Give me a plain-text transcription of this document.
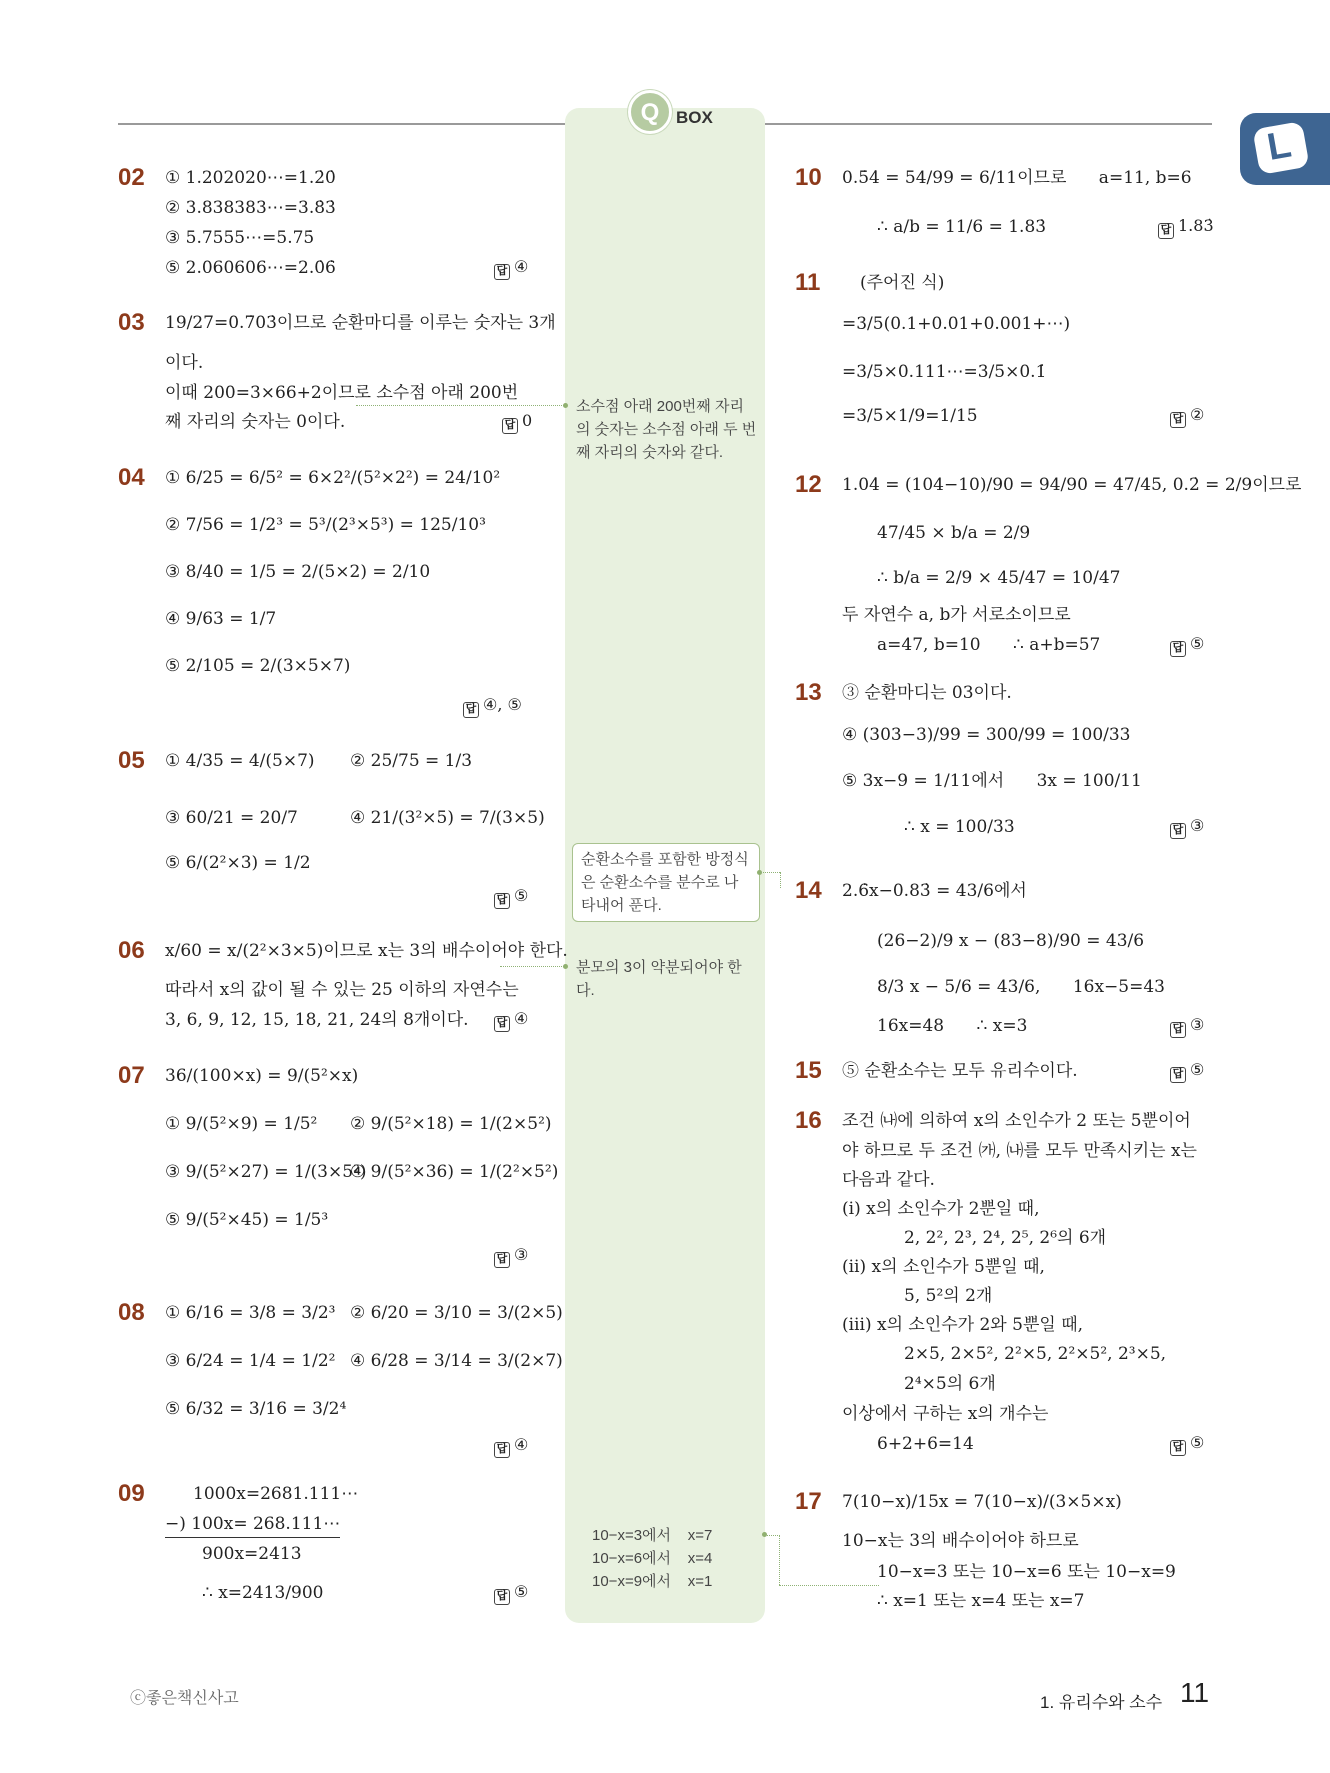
L
Q BOX
소수점 아래 200번째 자리의 숫자는 소수점 아래 두 번째 자리의 숫자와 같다.
순환소수를 포함한 방정식은 순환소수를 분수로 나타내어 푼다.
분모의 3이 약분되어야 한다.
10−x=3에서    x=7
10−x=6에서    x=4
10−x=9에서    x=1
02 ① 1.202020⋯=1.2̇0̇
② 3.838383⋯=3.8̇3̇
③ 5.7555⋯=5.75̇
⑤ 2.060606⋯=2.0̇6̇	답 ④
03 19/27=0.7̇03̇이므로 순환마디를 이루는 숫자는 3개
이다.
이때 200=3×66+2이므로 소수점 아래 200번
째 자리의 숫자는 0이다.	답 0
04 ① 6/25 = 6/5² = 6×2²/(5²×2²) = 24/10²
② 7/56 = 1/2³ = 5³/(2³×5³) = 125/10³
③ 8/40 = 1/5 = 2/(5×2) = 2/10
④ 9/63 = 1/7
⑤ 2/105 = 2/(3×5×7)
답 ④, ⑤
05 ① 4/35 = 4/(5×7) ② 25/75 = 1/3
③ 60/21 = 20/7	④ 21/(3²×5) = 7/(3×5)
⑤ 6/(2²×3) = 1/2
답 ⑤
06 x/60 = x/(2²×3×5)이므로 x는 3의 배수이어야 한다.
따라서 x의 값이 될 수 있는 25 이하의 자연수는
3, 6, 9, 12, 15, 18, 21, 24의 8개이다.	답 ④
07 36/(100×x) = 9/(5²×x)
① 9/(5²×9) = 1/5² ② 9/(5²×18) = 1/(2×5²)
③ 9/(5²×27) = 1/(3×5²)
④ 9/(5²×36) = 1/(2²×5²)
⑤ 9/(5²×45) = 1/5³
답 ③
08 ① 6/16 = 3/8 = 3/2³ ② 6/20 = 3/10 = 3/(2×5)
③ 6/24 = 1/4 = 1/2² ④ 6/28 = 3/14 = 3/(2×7)
⑤ 6/32 = 3/16 = 3/2⁴
답 ④
09	1000x=2681.111⋯
−) 100x= 268.111⋯
900x=2413
∴ x=2413/900	답 ⑤
10 0.5̇4̇ = 54/99 = 6/11이므로      a=11, b=6
∴ a/b = 11/6 = 1.83̇	답 1.83̇
11 (주어진 식)
=3/5(0.1+0.01+0.001+⋯)
=3/5×0.111⋯=3/5×0.1̇
=3/5×1/9=1/15	답 ②
12 1.04̇ = (104−10)/90 = 94/90 = 47/45, 0.2̇ = 2/9이므로
47/45 × b/a = 2/9
∴ b/a = 2/9 × 45/47 = 10/47
두 자연수 a, b가 서로소이므로
a=47, b=10      ∴ a+b=57	답 ⑤
13 ③ 순환마디는 03이다.
④ (303−3)/99 = 300/99 = 100/33
⑤ 3x−9 = 1/11에서      3x = 100/11
∴ x = 100/33	답 ③
14 2.6̇x−0.83̇ = 43/6에서
(26−2)/9 x − (83−8)/90 = 43/6
8/3 x − 5/6 = 43/6,      16x−5=43
16x=48      ∴ x=3	답 ③
15 ⑤ 순환소수는 모두 유리수이다.	답 ⑤
16 조건 ㈏에 의하여 x의 소인수가 2 또는 5뿐이어
야 하므로 두 조건 ㈎, ㈏를 모두 만족시키는 x는
다음과 같다.
(ⅰ) x의 소인수가 2뿐일 때,
2, 2², 2³, 2⁴, 2⁵, 2⁶의 6개
(ⅱ) x의 소인수가 5뿐일 때,
5, 5²의 2개
(ⅲ) x의 소인수가 2와 5뿐일 때,
2×5, 2×5², 2²×5, 2²×5², 2³×5,
2⁴×5의 6개
이상에서 구하는 x의 개수는
6+2+6=14	답 ⑤
17 7(10−x)/15x = 7(10−x)/(3×5×x)
10−x는 3의 배수이어야 하므로
10−x=3 또는 10−x=6 또는 10−x=9
∴ x=1 또는 x=4 또는 x=7
ⓒ좋은책신사고	1. 유리수와 소수 11
